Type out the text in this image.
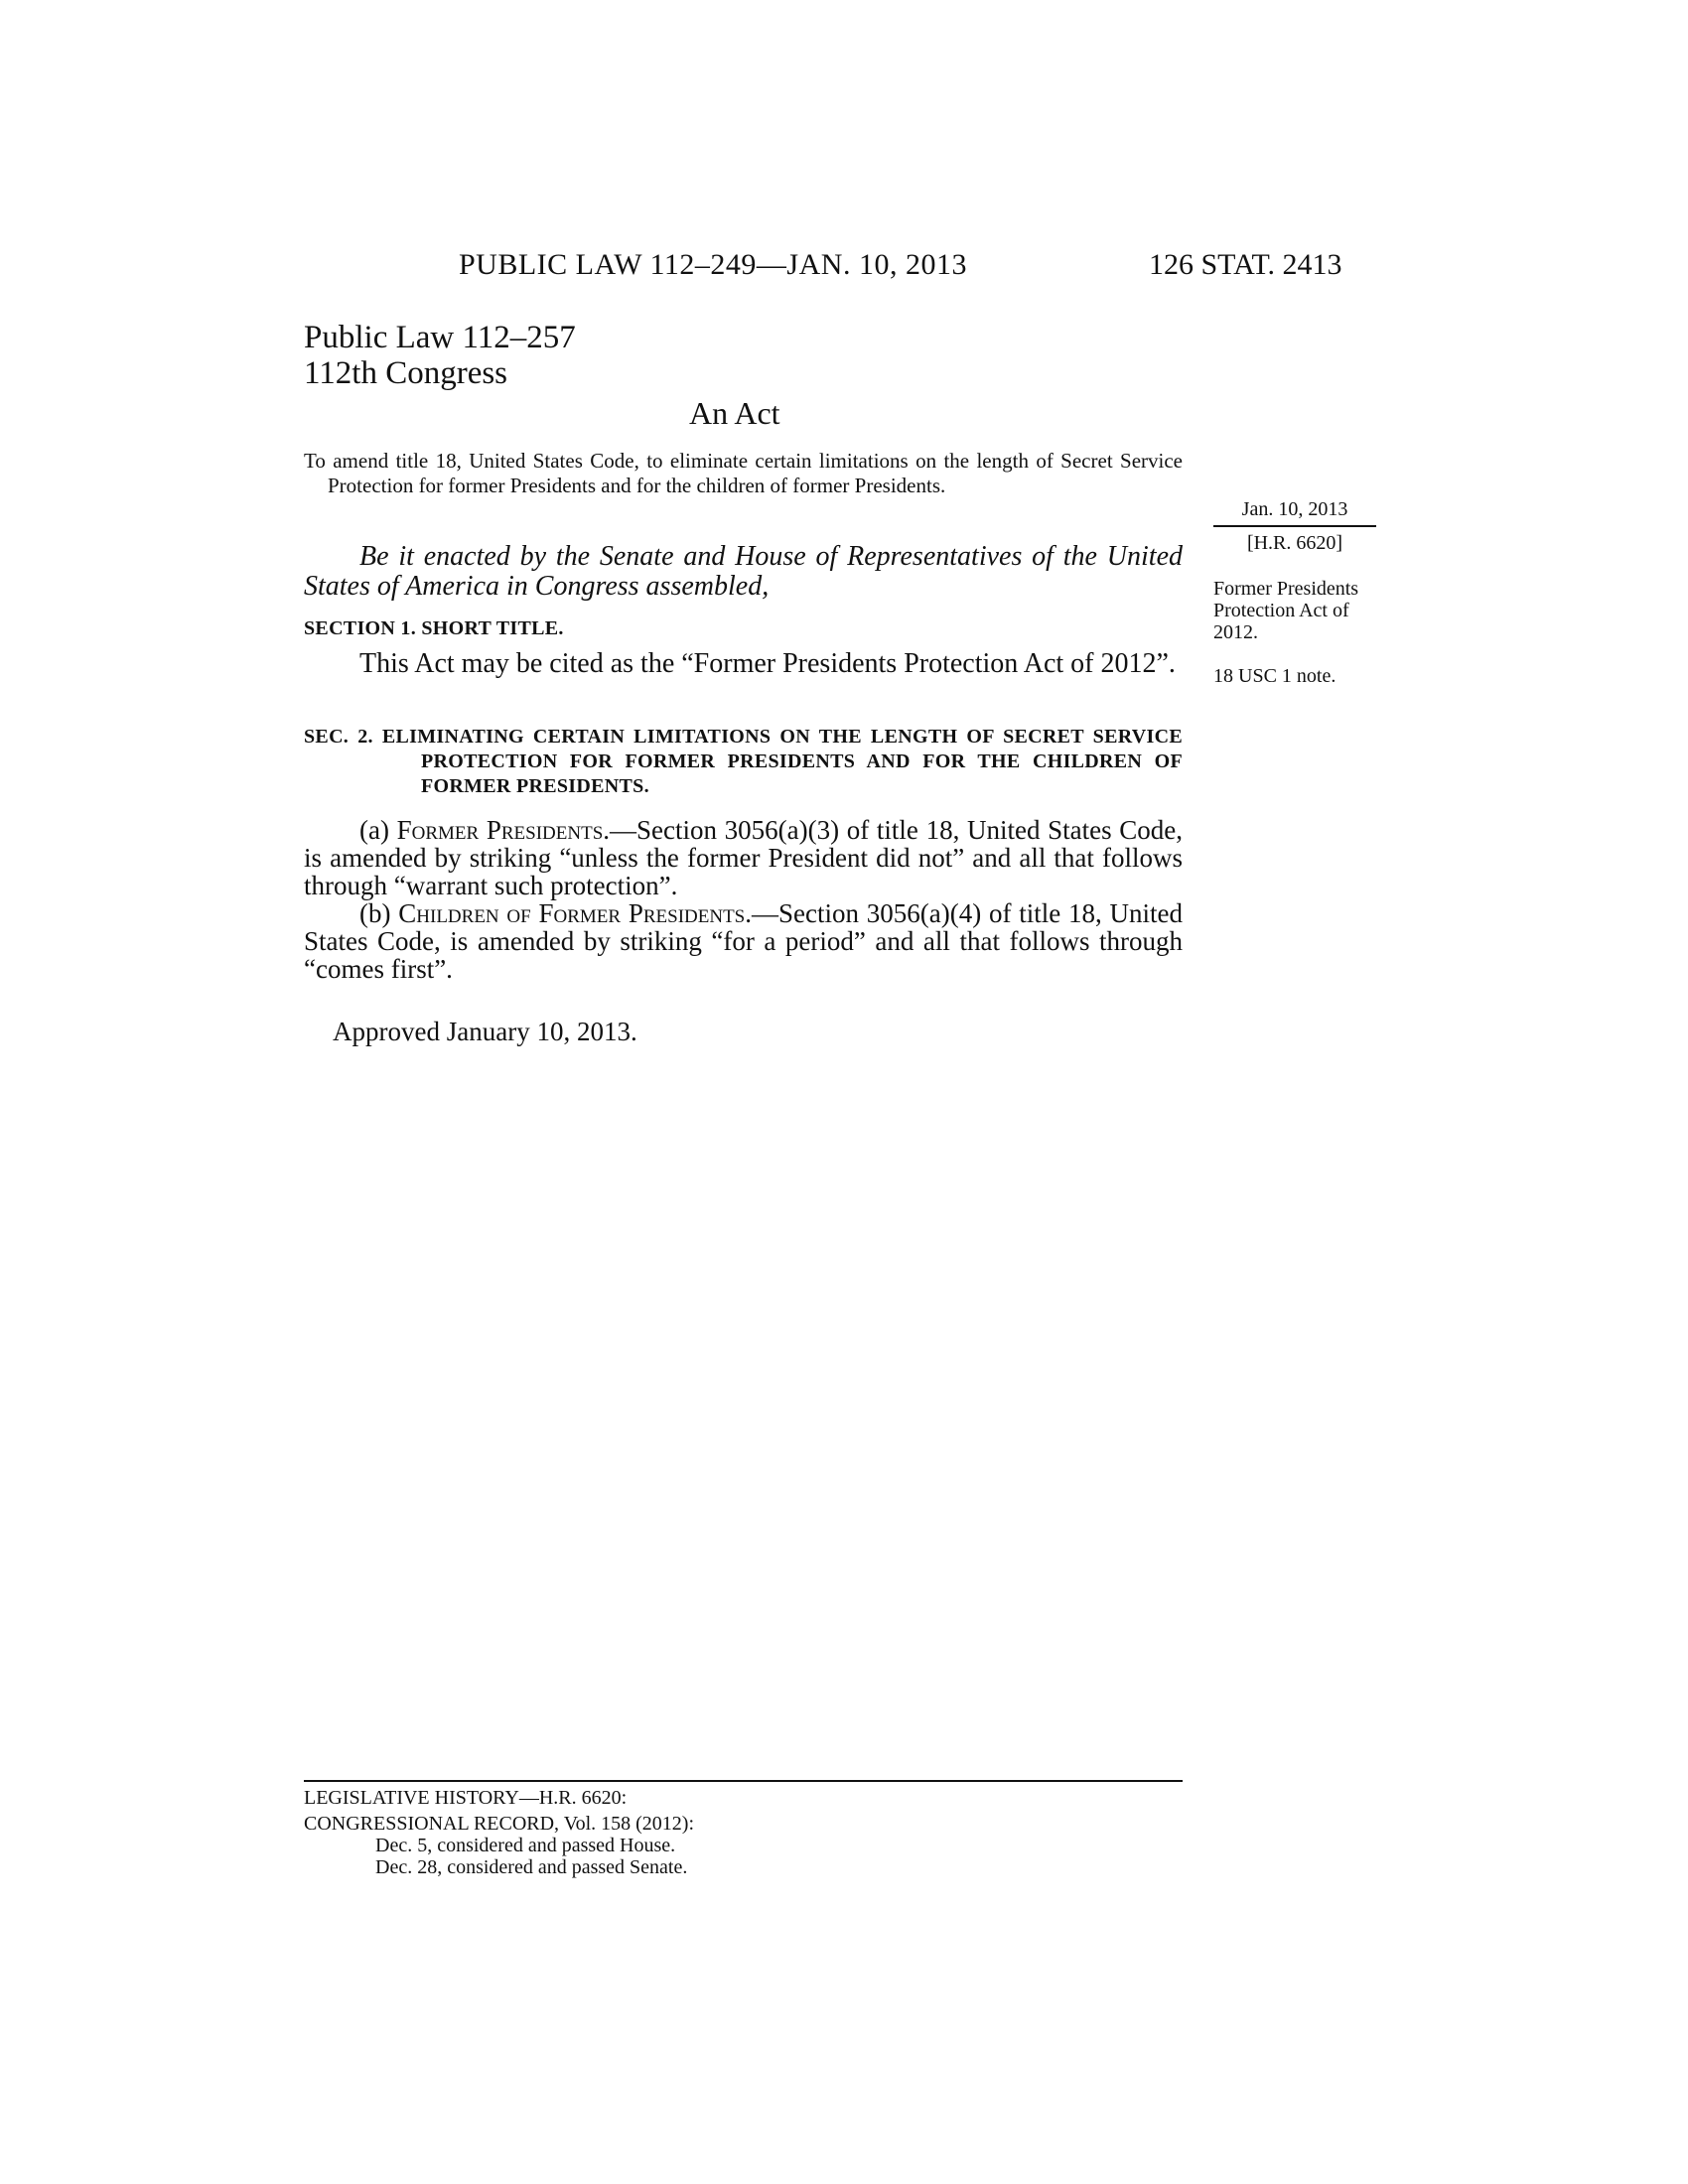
PUBLIC LAW 112–249—JAN. 10, 2013	126 STAT. 2413
Public Law 112–257
112th Congress
An Act
To amend title 18, United States Code, to eliminate certain limitations on the length of Secret Service Protection for former Presidents and for the children of former Presidents.
Jan. 10, 2013
[H.R. 6620]
Former Presidents Protection Act of 2012.
18 USC 1 note.
Be it enacted by the Senate and House of Representatives of the United States of America in Congress assembled,
SECTION 1. SHORT TITLE.
This Act may be cited as the “Former Presidents Protection Act of 2012”.
SEC. 2. ELIMINATING CERTAIN LIMITATIONS ON THE LENGTH OF SECRET SERVICE PROTECTION FOR FORMER PRESIDENTS AND FOR THE CHILDREN OF FORMER PRESIDENTS.

(a) Former Presidents.—Section 3056(a)(3) of title 18, United States Code, is amended by striking “unless the former President did not” and all that follows through “warrant such protection”.

(b) Children of Former Presidents.—Section 3056(a)(4) of title 18, United States Code, is amended by striking “for a period” and all that follows through “comes first”.

Approved January 10, 2013.
LEGISLATIVE HISTORY—H.R. 6620:
CONGRESSIONAL RECORD, Vol. 158 (2012):
Dec. 5, considered and passed House.
Dec. 28, considered and passed Senate.
